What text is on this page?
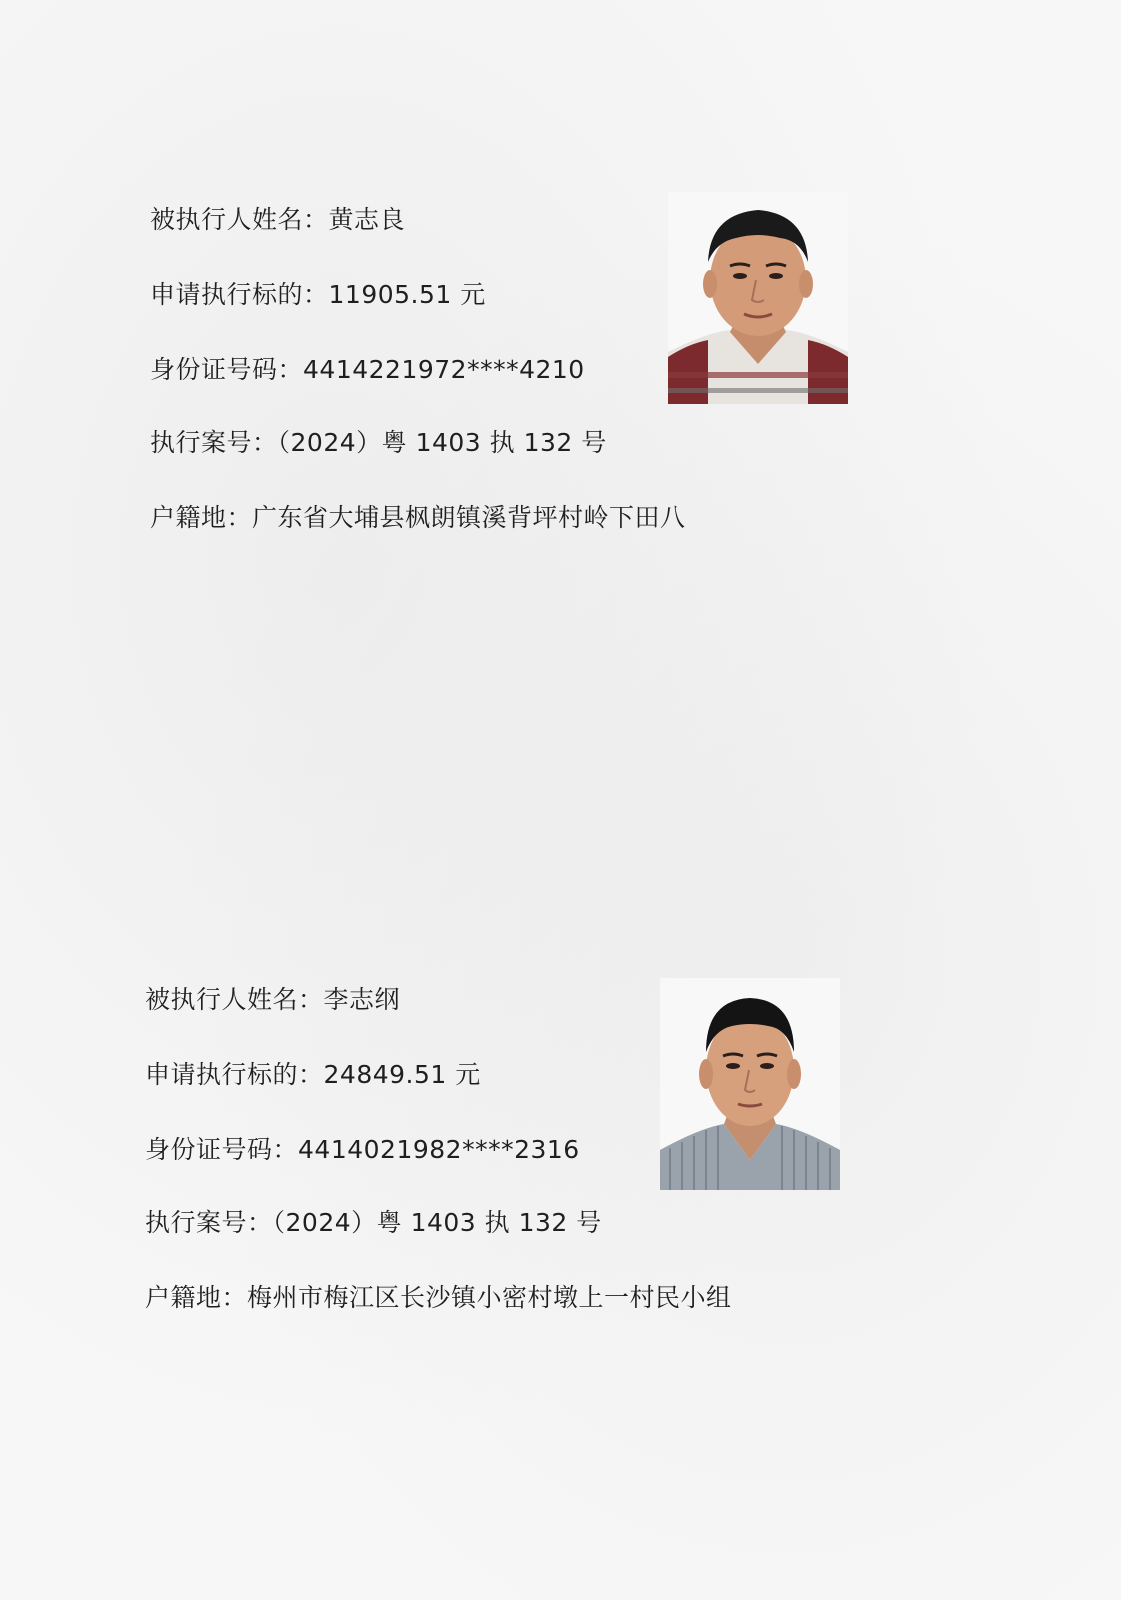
被执行人姓名：黄志良
申请执行标的：11905.51 元
身份证号码：4414221972****4210
执行案号：（2024）粤 1403 执 132 号
户籍地：广东省大埔县枫朗镇溪背坪村岭下田八
被执行人姓名：李志纲
申请执行标的：24849.51 元
身份证号码：4414021982****2316
执行案号：（2024）粤 1403 执 132 号
户籍地：梅州市梅江区长沙镇小密村墩上一村民小组
